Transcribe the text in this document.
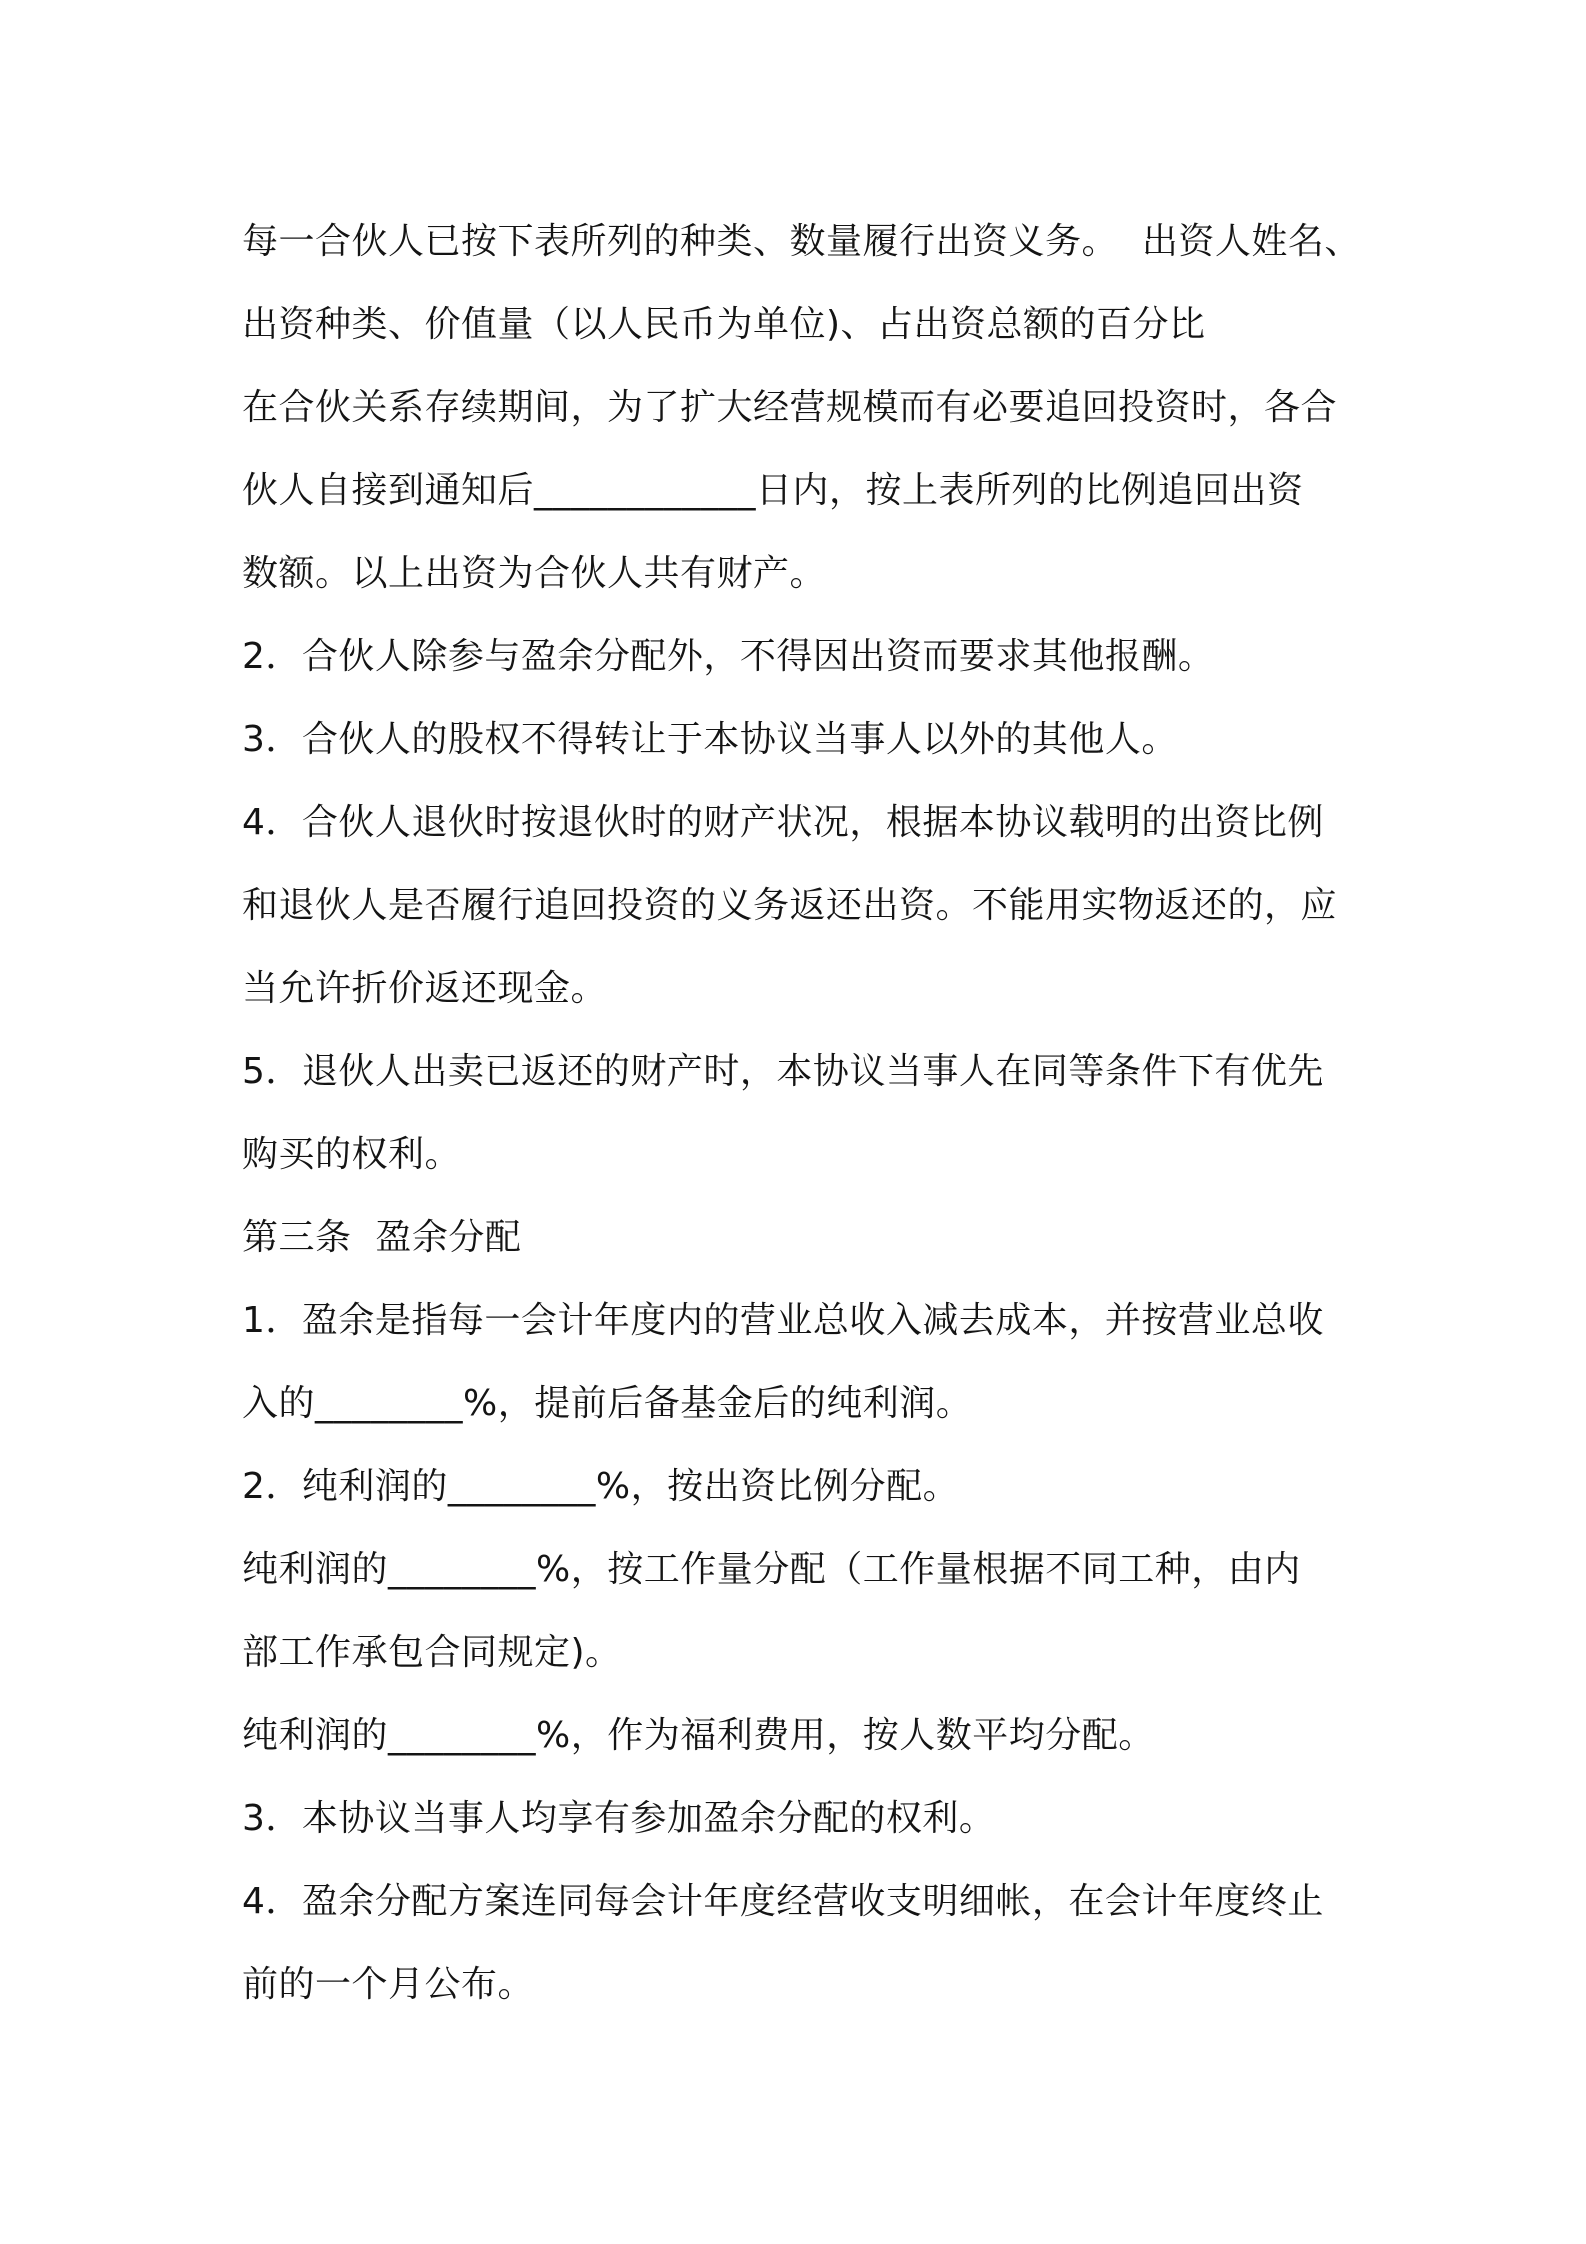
每一合伙人已按下表所列的种类、数量履行出资义务。  出资人姓名、
出资种类、价值量（以人民币为单位)、占出资总额的百分比
在合伙关系存续期间，为了扩大经营规模而有必要追回投资时，各合
伙人自接到通知后____________日内，按上表所列的比例追回出资
数额。以上出资为合伙人共有财产。
2．合伙人除参与盈余分配外，不得因出资而要求其他报酬。
3．合伙人的股权不得转让于本协议当事人以外的其他人。
4．合伙人退伙时按退伙时的财产状况，根据本协议载明的出资比例
和退伙人是否履行追回投资的义务返还出资。不能用实物返还的，应
当允许折价返还现金。
5．退伙人出卖已返还的财产时，本协议当事人在同等条件下有优先
购买的权利。
第三条  盈余分配
1．盈余是指每一会计年度内的营业总收入减去成本，并按营业总收
入的________%，提前后备基金后的纯利润。
2．纯利润的________%，按出资比例分配。
纯利润的________%，按工作量分配（工作量根据不同工种，由内
部工作承包合同规定)。
纯利润的________%，作为福利费用，按人数平均分配。
3．本协议当事人均享有参加盈余分配的权利。
4．盈余分配方案连同每会计年度经营收支明细帐，在会计年度终止
前的一个月公布。
